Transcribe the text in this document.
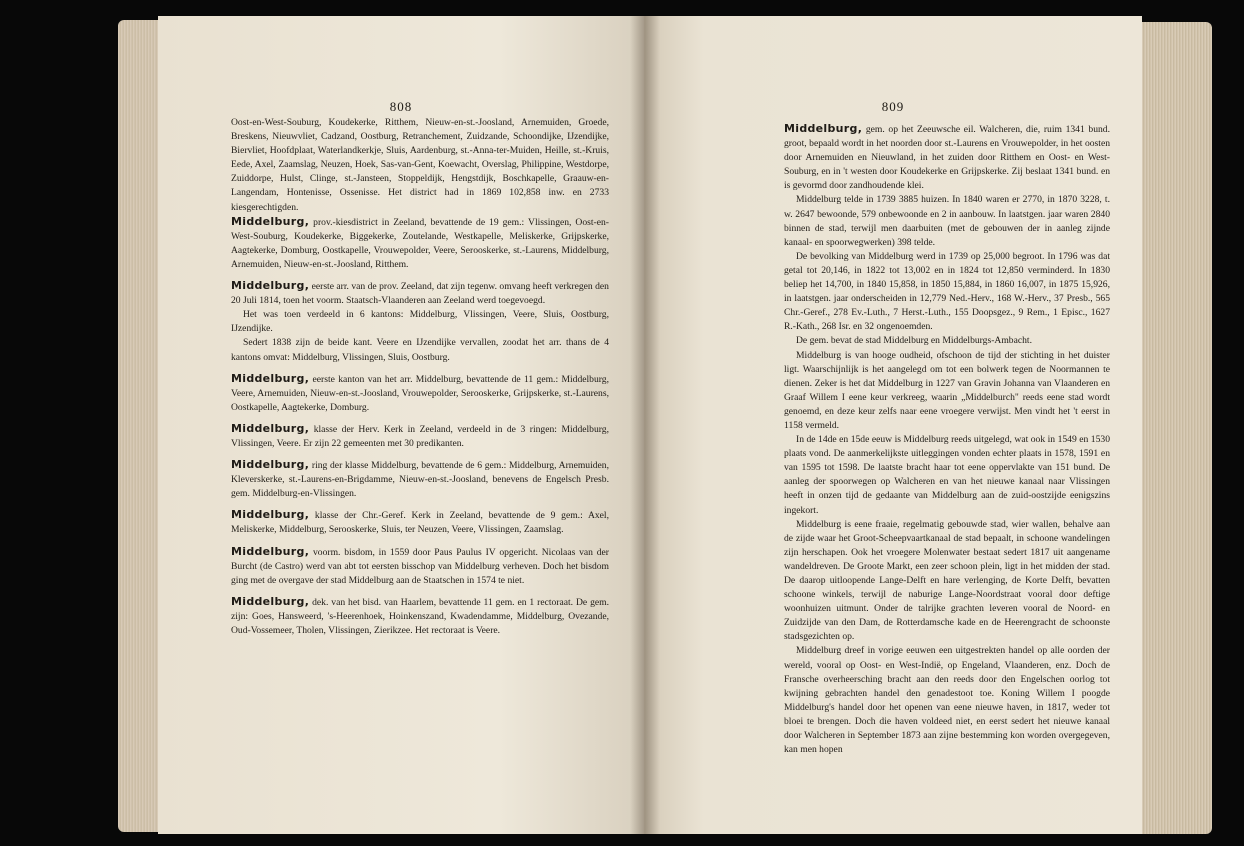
808

Oost-en-West-Souburg, Koudekerke, Ritthem, Nieuw-en-st.-Joosland, Arnemuiden, Groede, Breskens, Nieuwvliet, Cadzand, Oostburg, Retranchement, Zuidzande, Schoondijke, IJzendijke, Biervliet, Hoofdplaat, Waterlandkerkje, Sluis, Aardenburg, st.-Anna-ter-Muiden, Heille, st.-Kruis, Eede, Axel, Zaamslag, Neuzen, Hoek, Sas-van-Gent, Koewacht, Overslag, Philippine, Westdorpe, Zuiddorpe, Hulst, Clinge, st.-Jansteen, Stoppeldijk, Hengstdijk, Boschkapelle, Graauw-en-Langendam, Hontenisse, Ossenisse. Het district had in 1869 102,858 inw. en 2733 kiesgerechtigden.

Middelburg, prov.-kiesdistrict in Zeeland, bevattende de 19 gem.: Vlissingen, Oost-en-West-Souburg, Koudekerke, Biggekerke, Zoutelande, Westkapelle, Meliskerke, Grijpskerke, Aagtekerke, Domburg, Oostkapelle, Vrouwepolder, Veere, Serooskerke, st.-Laurens, Middelburg, Arnemuiden, Nieuw-en-st.-Joosland, Ritthem.

Middelburg, eerste arr. van de prov. Zeeland, dat zijn tegenw. omvang heeft verkregen den 20 Juli 1814, toen het voorm. Staatsch-Vlaanderen aan Zeeland werd toegevoegd.

Het was toen verdeeld in 6 kantons: Middelburg, Vlissingen, Veere, Sluis, Oostburg, IJzendijke.

Sedert 1838 zijn de beide kant. Veere en IJzendijke vervallen, zoodat het arr. thans de 4 kantons omvat: Middelburg, Vlissingen, Sluis, Oostburg.

Middelburg, eerste kanton van het arr. Middelburg, bevattende de 11 gem.: Middelburg, Veere, Arnemuiden, Nieuw-en-st.-Joosland, Vrouwepolder, Serooskerke, Grijpskerke, st.-Laurens, Oostkapelle, Aagtekerke, Domburg.

Middelburg, klasse der Herv. Kerk in Zeeland, verdeeld in de 3 ringen: Middelburg, Vlissingen, Veere. Er zijn 22 gemeenten met 30 predikanten.

Middelburg, ring der klasse Middelburg, bevattende de 6 gem.: Middelburg, Arnemuiden, Kleverskerke, st.-Laurens-en-Brigdamme, Nieuw-en-st.-Joosland, benevens de Engelsch Presb. gem. Middelburg-en-Vlissingen.

Middelburg, klasse der Chr.-Geref. Kerk in Zeeland, bevattende de 9 gem.: Axel, Meliskerke, Middelburg, Serooskerke, Sluis, ter Neuzen, Veere, Vlissingen, Zaamslag.

Middelburg, voorm. bisdom, in 1559 door Paus Paulus IV opgericht. Nicolaas van der Burcht (de Castro) werd van abt tot eersten bisschop van Middelburg verheven. Doch het bisdom ging met de overgave der stad Middelburg aan de Staatschen in 1574 te niet.

Middelburg, dek. van het bisd. van Haarlem, bevattende 11 gem. en 1 rectoraat. De gem. zijn: Goes, Hansweerd, 's-Heerenhoek, Hoinkenszand, Kwadendamme, Middelburg, Ovezande, Oud-Vossemeer, Tholen, Vlissingen, Zierikzee. Het rectoraat is Veere.

809

Middelburg, gem. op het Zeeuwsche eil. Walcheren, die, ruim 1341 bund. groot, bepaald wordt in het noorden door st.-Laurens en Vrouwepolder, in het oosten door Arnemuiden en Nieuwland, in het zuiden door Ritthem en Oost- en West-Souburg, en in 't westen door Koudekerke en Grijpskerke. Zij beslaat 1341 bund. en is gevormd door zandhoudende klei.

Middelburg telde in 1739 3885 huizen. In 1840 waren er 2770, in 1870 3228, t. w. 2647 bewoonde, 579 onbewoonde en 2 in aanbouw. In laatstgen. jaar waren 2840 binnen de stad, terwijl men daarbuiten (met de gebouwen der in aanleg zijnde kanaal- en spoorwegwerken) 398 telde.

De bevolking van Middelburg werd in 1739 op 25,000 begroot. In 1796 was dat getal tot 20,146, in 1822 tot 13,002 en in 1824 tot 12,850 verminderd. In 1830 beliep het 14,700, in 1840 15,858, in 1850 15,884, in 1860 16,007, in 1875 15,926, in laatstgen. jaar onderscheiden in 12,779 Ned.-Herv., 168 W.-Herv., 37 Presb., 565 Chr.-Geref., 278 Ev.-Luth., 7 Herst.-Luth., 155 Doopsgez., 9 Rem., 1 Episc., 1627 R.-Kath., 268 Isr. en 32 ongenoemden.

De gem. bevat de stad Middelburg en Middelburgs-Ambacht.

Middelburg is van hooge oudheid, ofschoon de tijd der stichting in het duister ligt. Waarschijnlijk is het aangelegd om tot een bolwerk tegen de Noormannen te dienen. Zeker is het dat Middelburg in 1227 van Gravin Johanna van Vlaanderen en Graaf Willem I eene keur verkreeg, waarin „Middelburch" reeds eene stad wordt genoemd, en deze keur zelfs naar eene vroegere verwijst. Men vindt het 't eerst in 1158 vermeld.

In de 14de en 15de eeuw is Middelburg reeds uitgelegd, wat ook in 1549 en 1530 plaats vond. De aanmerkelijkste uitleggingen vonden echter plaats in 1578, 1591 en van 1595 tot 1598. De laatste bracht haar tot eene oppervlakte van 151 bund. De aanleg der spoorwegen op Walcheren en van het nieuwe kanaal naar Vlissingen heeft in onzen tijd de gedaante van Middelburg aan de zuid-oostzijde eenigszins ingekort.

Middelburg is eene fraaie, regelmatig gebouwde stad, wier wallen, behalve aan de zijde waar het Groot-Scheepvaartkanaal de stad bepaalt, in schoone wandelingen zijn herschapen. Ook het vroegere Molenwater bestaat sedert 1817 uit aangename wandeldreven. De Groote Markt, een zeer schoon plein, ligt in het midden der stad. De daarop uitloopende Lange-Delft en hare verlenging, de Korte Delft, bevatten schoone winkels, terwijl de naburige Lange-Noordstraat vooral door deftige woonhuizen uitmunt. Onder de talrijke grachten leveren vooral de Noord- en Zuidzijde van den Dam, de Rotterdamsche kade en de Heerengracht de schoonste stadsgezichten op.

Middelburg dreef in vorige eeuwen een uitgestrekten handel op alle oorden der wereld, vooral op Oost- en West-Indië, op Engeland, Vlaanderen, enz. Doch de Fransche overheersching bracht aan den reeds door den Engelschen oorlog tot kwijning gebrachten handel den genadestoot toe. Koning Willem I poogde Middelburg's handel door het openen van eene nieuwe haven, in 1817, weder tot bloei te brengen. Doch die haven voldeed niet, en eerst sedert het nieuwe kanaal door Walcheren in September 1873 aan zijne bestemming kon worden overgegeven, kan men hopen
